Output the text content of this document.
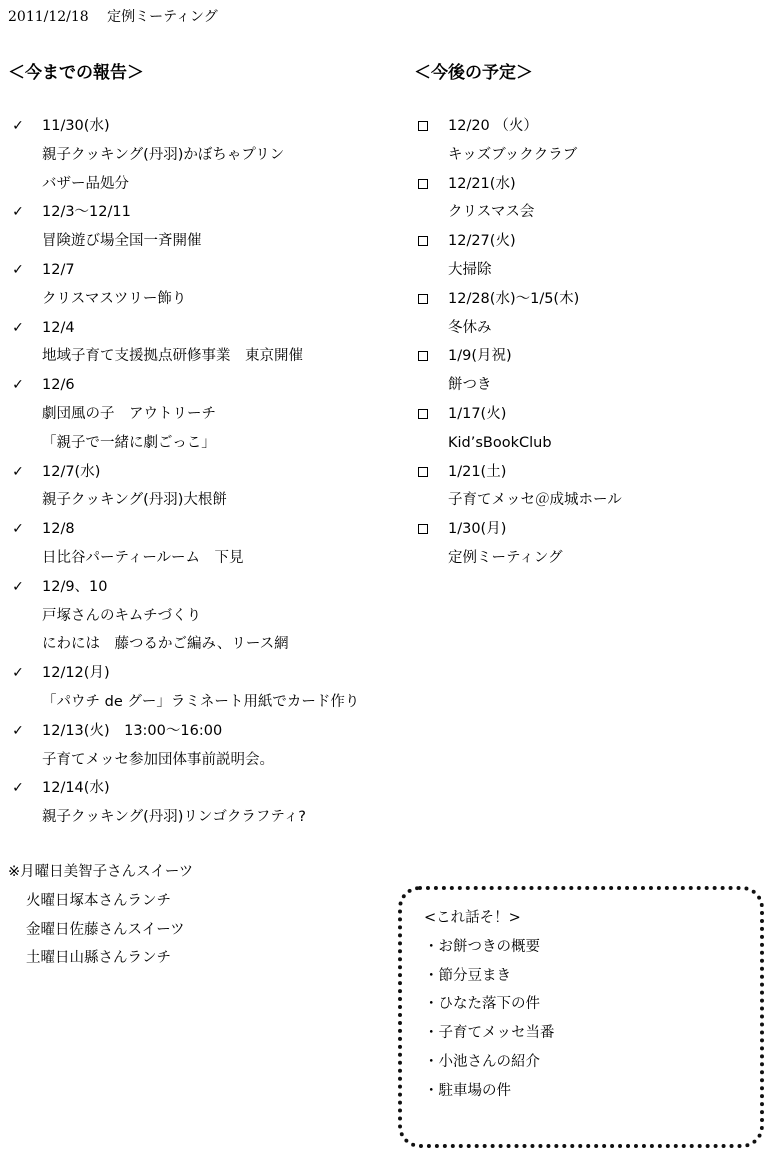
2011/12/18 定例ミーティング
＜今までの報告＞	＜今後の予定＞
✓ 11/30(水)
親子クッキング(丹羽)かぼちゃプリン
バザー品処分
✓ 12/3〜12/11
冒険遊び場全国一斉開催
✓ 12/7
クリスマスツリー飾り
✓ 12/4
地域子育て支援拠点研修事業　東京開催
✓ 12/6
劇団風の子　アウトリーチ
「親子で一緒に劇ごっこ」
✓ 12/7(水)
親子クッキング(丹羽)大根餅
✓ 12/8
日比谷パーティールーム　下見
✓ 12/9、10
戸塚さんのキムチづくり
にわには　藤つるかご編み、リース網
✓ 12/12(月)
「パウチ de グー」ラミネート用紙でカード作り
✓ 12/13(火)　13:00〜16:00
子育てメッセ参加団体事前説明会。
✓ 12/14(水)
親子クッキング(丹羽)リンゴクラフティ?
12/20 （火）
キッズブッククラブ
12/21(水)
クリスマス会
12/27(火)
大掃除
12/28(水)〜1/5(木)
冬休み
1/9(月祝)
餅つき
1/17(火)
Kid’sBookClub
1/21(土)
子育てメッセ＠成城ホール
1/30(月)
定例ミーティング
※月曜日美智子さんスイーツ
火曜日塚本さんランチ
金曜日佐藤さんスイーツ
土曜日山縣さんランチ
<これ話そ！>
・お餅つきの概要
・節分豆まき
・ひなた落下の件
・子育てメッセ当番
・小池さんの紹介
・駐車場の件
